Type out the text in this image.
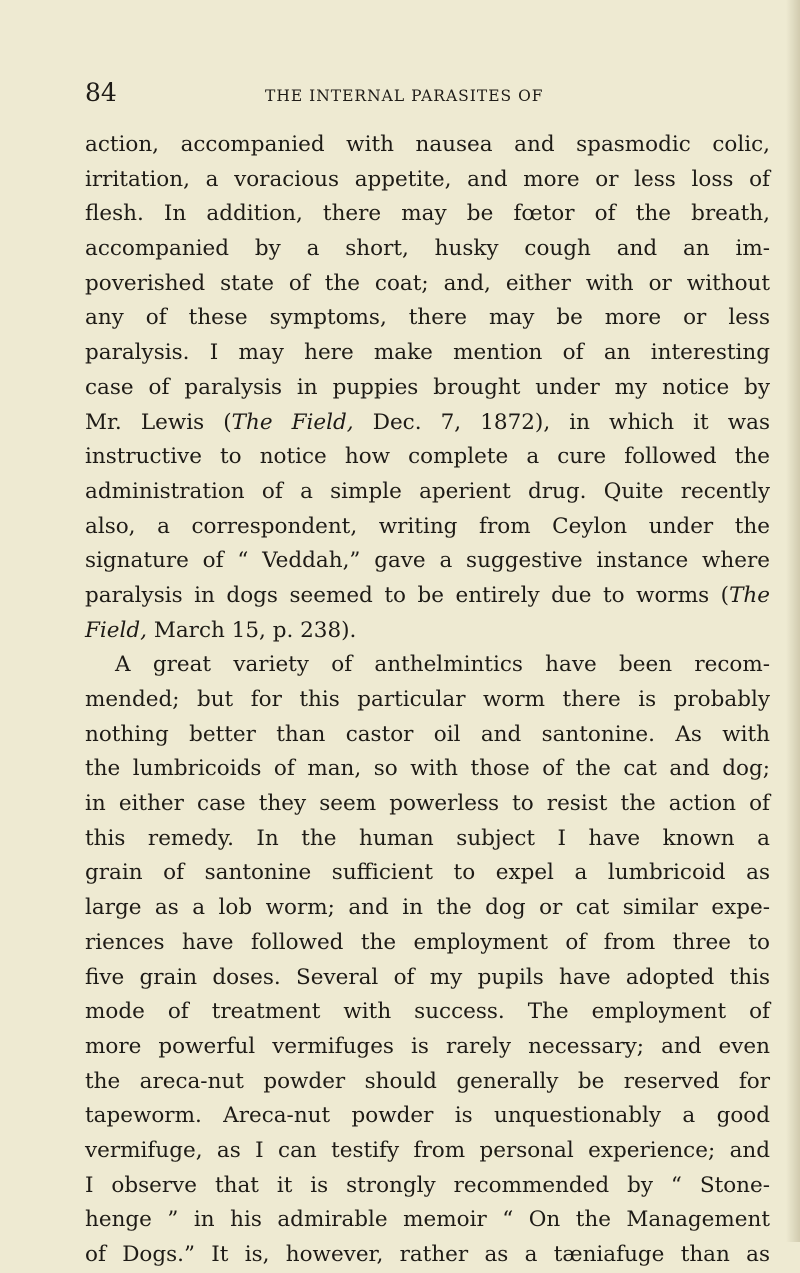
84	THE INTERNAL PARASITES OF
action, accompanied with nausea and spasmodic colic,
irritation, a voracious appetite, and more or less loss of
flesh. In addition, there may be fœtor of the breath,
accompanied by a short, husky cough and an im-
poverished state of the coat; and, either with or without
any of these symptoms, there may be more or less
paralysis. I may here make mention of an interesting
case of paralysis in puppies brought under my notice by
Mr. Lewis (The Field, Dec. 7, 1872), in which it was
instructive to notice how complete a cure followed the
administration of a simple aperient drug. Quite recently
also, a correspondent, writing from Ceylon under the
signature of “ Veddah,” gave a suggestive instance where
paralysis in dogs seemed to be entirely due to worms (The
Field, March 15, p. 238).
A great variety of anthelmintics have been recom-
mended; but for this particular worm there is probably
nothing better than castor oil and santonine. As with
the lumbricoids of man, so with those of the cat and dog;
in either case they seem powerless to resist the action of
this remedy. In the human subject I have known a
grain of santonine sufficient to expel a lumbricoid as
large as a lob worm; and in the dog or cat similar expe-
riences have followed the employment of from three to
five grain doses. Several of my pupils have adopted this
mode of treatment with success. The employment of
more powerful vermifuges is rarely necessary; and even
the areca-nut powder should generally be reserved for
tapeworm. Areca-nut powder is unquestionably a good
vermifuge, as I can testify from personal experience; and
I observe that it is strongly recommended by “ Stone-
henge ” in his admirable memoir “ On the Management
of Dogs.” It is, however, rather as a tæniafuge than as
